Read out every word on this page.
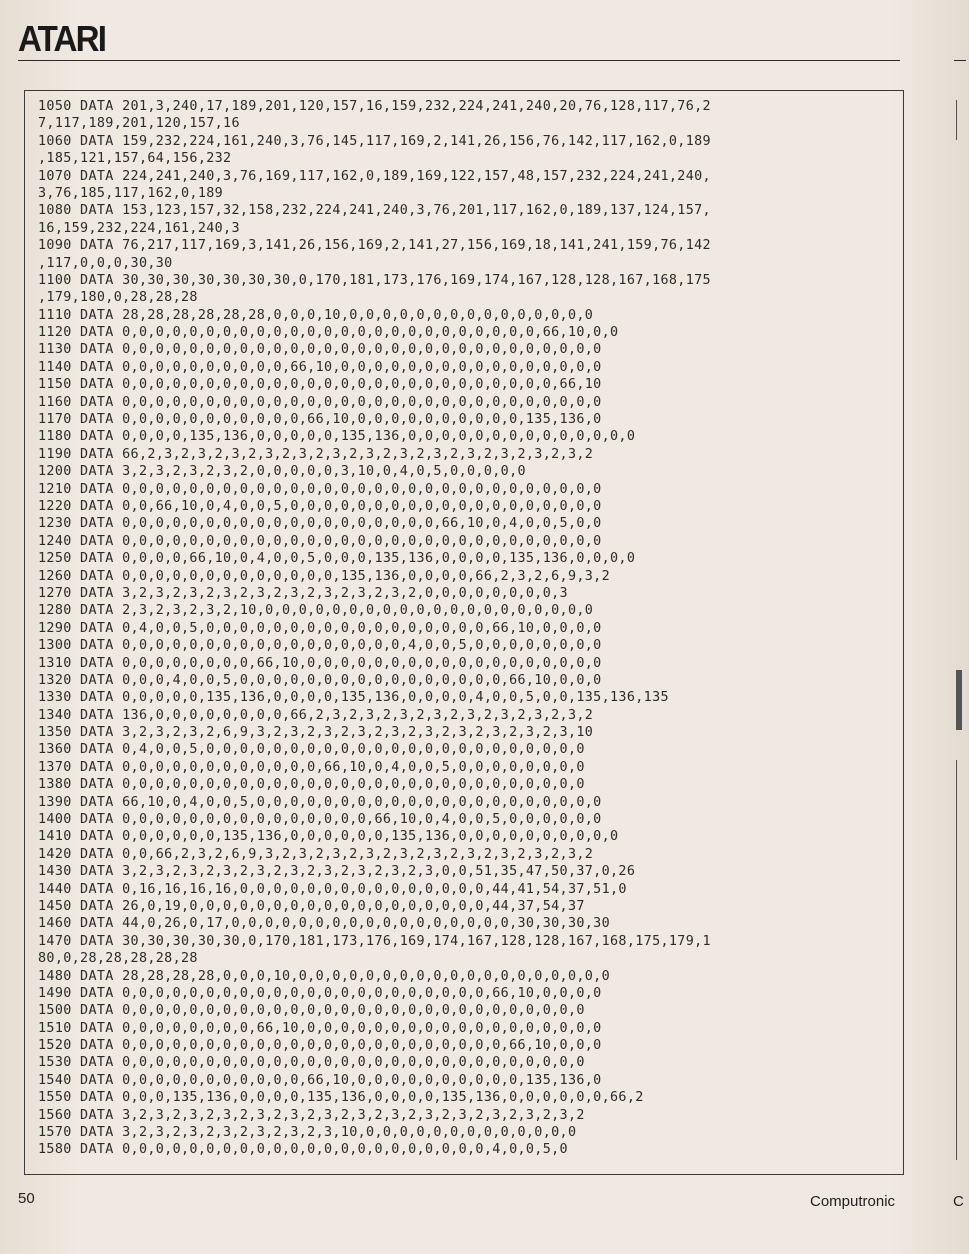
ATARI
1050 DATA 201,3,240,17,189,201,120,157,16,159,232,224,241,240,20,76,128,117,76,2
7,117,189,201,120,157,16
1060 DATA 159,232,224,161,240,3,76,145,117,169,2,141,26,156,76,142,117,162,0,189
,185,121,157,64,156,232
1070 DATA 224,241,240,3,76,169,117,162,0,189,169,122,157,48,157,232,224,241,240,
3,76,185,117,162,0,189
1080 DATA 153,123,157,32,158,232,224,241,240,3,76,201,117,162,0,189,137,124,157,
16,159,232,224,161,240,3
1090 DATA 76,217,117,169,3,141,26,156,169,2,141,27,156,169,18,141,241,159,76,142
,117,0,0,0,30,30
1100 DATA 30,30,30,30,30,30,30,0,170,181,173,176,169,174,167,128,128,167,168,175
,179,180,0,28,28,28
1110 DATA 28,28,28,28,28,28,0,0,0,10,0,0,0,0,0,0,0,0,0,0,0,0,0,0,0
1120 DATA 0,0,0,0,0,0,0,0,0,0,0,0,0,0,0,0,0,0,0,0,0,0,0,0,0,66,10,0,0
1130 DATA 0,0,0,0,0,0,0,0,0,0,0,0,0,0,0,0,0,0,0,0,0,0,0,0,0,0,0,0,0
1140 DATA 0,0,0,0,0,0,0,0,0,0,66,10,0,0,0,0,0,0,0,0,0,0,0,0,0,0,0,0
1150 DATA 0,0,0,0,0,0,0,0,0,0,0,0,0,0,0,0,0,0,0,0,0,0,0,0,0,0,66,10
1160 DATA 0,0,0,0,0,0,0,0,0,0,0,0,0,0,0,0,0,0,0,0,0,0,0,0,0,0,0,0,0
1170 DATA 0,0,0,0,0,0,0,0,0,0,0,66,10,0,0,0,0,0,0,0,0,0,0,135,136,0
1180 DATA 0,0,0,0,135,136,0,0,0,0,0,135,136,0,0,0,0,0,0,0,0,0,0,0,0,0,0
1190 DATA 66,2,3,2,3,2,3,2,3,2,3,2,3,2,3,2,3,2,3,2,3,2,3,2,3,2,3,2
1200 DATA 3,2,3,2,3,2,3,2,0,0,0,0,0,3,10,0,4,0,5,0,0,0,0,0
1210 DATA 0,0,0,0,0,0,0,0,0,0,0,0,0,0,0,0,0,0,0,0,0,0,0,0,0,0,0,0,0
1220 DATA 0,0,66,10,0,4,0,0,5,0,0,0,0,0,0,0,0,0,0,0,0,0,0,0,0,0,0,0
1230 DATA 0,0,0,0,0,0,0,0,0,0,0,0,0,0,0,0,0,0,0,66,10,0,4,0,0,5,0,0
1240 DATA 0,0,0,0,0,0,0,0,0,0,0,0,0,0,0,0,0,0,0,0,0,0,0,0,0,0,0,0,0
1250 DATA 0,0,0,0,66,10,0,4,0,0,5,0,0,0,135,136,0,0,0,0,135,136,0,0,0,0
1260 DATA 0,0,0,0,0,0,0,0,0,0,0,0,0,135,136,0,0,0,0,66,2,3,2,6,9,3,2
1270 DATA 3,2,3,2,3,2,3,2,3,2,3,2,3,2,3,2,3,2,0,0,0,0,0,0,0,0,3
1280 DATA 2,3,2,3,2,3,2,10,0,0,0,0,0,0,0,0,0,0,0,0,0,0,0,0,0,0,0,0
1290 DATA 0,4,0,0,5,0,0,0,0,0,0,0,0,0,0,0,0,0,0,0,0,0,66,10,0,0,0,0
1300 DATA 0,0,0,0,0,0,0,0,0,0,0,0,0,0,0,0,0,4,0,0,5,0,0,0,0,0,0,0,0
1310 DATA 0,0,0,0,0,0,0,0,66,10,0,0,0,0,0,0,0,0,0,0,0,0,0,0,0,0,0,0
1320 DATA 0,0,0,4,0,0,5,0,0,0,0,0,0,0,0,0,0,0,0,0,0,0,0,66,10,0,0,0
1330 DATA 0,0,0,0,0,135,136,0,0,0,0,135,136,0,0,0,0,4,0,0,5,0,0,135,136,135
1340 DATA 136,0,0,0,0,0,0,0,0,66,2,3,2,3,2,3,2,3,2,3,2,3,2,3,2,3,2
1350 DATA 3,2,3,2,3,2,6,9,3,2,3,2,3,2,3,2,3,2,3,2,3,2,3,2,3,2,3,10
1360 DATA 0,4,0,0,5,0,0,0,0,0,0,0,0,0,0,0,0,0,0,0,0,0,0,0,0,0,0,0
1370 DATA 0,0,0,0,0,0,0,0,0,0,0,0,66,10,0,4,0,0,5,0,0,0,0,0,0,0,0
1380 DATA 0,0,0,0,0,0,0,0,0,0,0,0,0,0,0,0,0,0,0,0,0,0,0,0,0,0,0,0
1390 DATA 66,10,0,4,0,0,5,0,0,0,0,0,0,0,0,0,0,0,0,0,0,0,0,0,0,0,0,0
1400 DATA 0,0,0,0,0,0,0,0,0,0,0,0,0,0,0,66,10,0,4,0,0,5,0,0,0,0,0,0
1410 DATA 0,0,0,0,0,0,135,136,0,0,0,0,0,0,135,136,0,0,0,0,0,0,0,0,0,0
1420 DATA 0,0,66,2,3,2,6,9,3,2,3,2,3,2,3,2,3,2,3,2,3,2,3,2,3,2,3,2
1430 DATA 3,2,3,2,3,2,3,2,3,2,3,2,3,2,3,2,3,2,3,0,0,51,35,47,50,37,0,26
1440 DATA 0,16,16,16,16,0,0,0,0,0,0,0,0,0,0,0,0,0,0,0,44,41,54,37,51,0
1450 DATA 26,0,19,0,0,0,0,0,0,0,0,0,0,0,0,0,0,0,0,0,0,44,37,54,37
1460 DATA 44,0,26,0,17,0,0,0,0,0,0,0,0,0,0,0,0,0,0,0,0,0,30,30,30,30
1470 DATA 30,30,30,30,30,0,170,181,173,176,169,174,167,128,128,167,168,175,179,1
80,0,28,28,28,28,28
1480 DATA 28,28,28,28,0,0,0,10,0,0,0,0,0,0,0,0,0,0,0,0,0,0,0,0,0,0,0
1490 DATA 0,0,0,0,0,0,0,0,0,0,0,0,0,0,0,0,0,0,0,0,0,0,66,10,0,0,0,0
1500 DATA 0,0,0,0,0,0,0,0,0,0,0,0,0,0,0,0,0,0,0,0,0,0,0,0,0,0,0,0
1510 DATA 0,0,0,0,0,0,0,0,66,10,0,0,0,0,0,0,0,0,0,0,0,0,0,0,0,0,0,0
1520 DATA 0,0,0,0,0,0,0,0,0,0,0,0,0,0,0,0,0,0,0,0,0,0,0,66,10,0,0,0
1530 DATA 0,0,0,0,0,0,0,0,0,0,0,0,0,0,0,0,0,0,0,0,0,0,0,0,0,0,0,0
1540 DATA 0,0,0,0,0,0,0,0,0,0,0,66,10,0,0,0,0,0,0,0,0,0,0,135,136,0
1550 DATA 0,0,0,135,136,0,0,0,0,135,136,0,0,0,0,135,136,0,0,0,0,0,0,66,2
1560 DATA 3,2,3,2,3,2,3,2,3,2,3,2,3,2,3,2,3,2,3,2,3,2,3,2,3,2,3,2
1570 DATA 3,2,3,2,3,2,3,2,3,2,3,2,3,10,0,0,0,0,0,0,0,0,0,0,0,0,0
1580 DATA 0,0,0,0,0,0,0,0,0,0,0,0,0,0,0,0,0,0,0,0,0,0,4,0,0,5,0
50	Computronic	C
